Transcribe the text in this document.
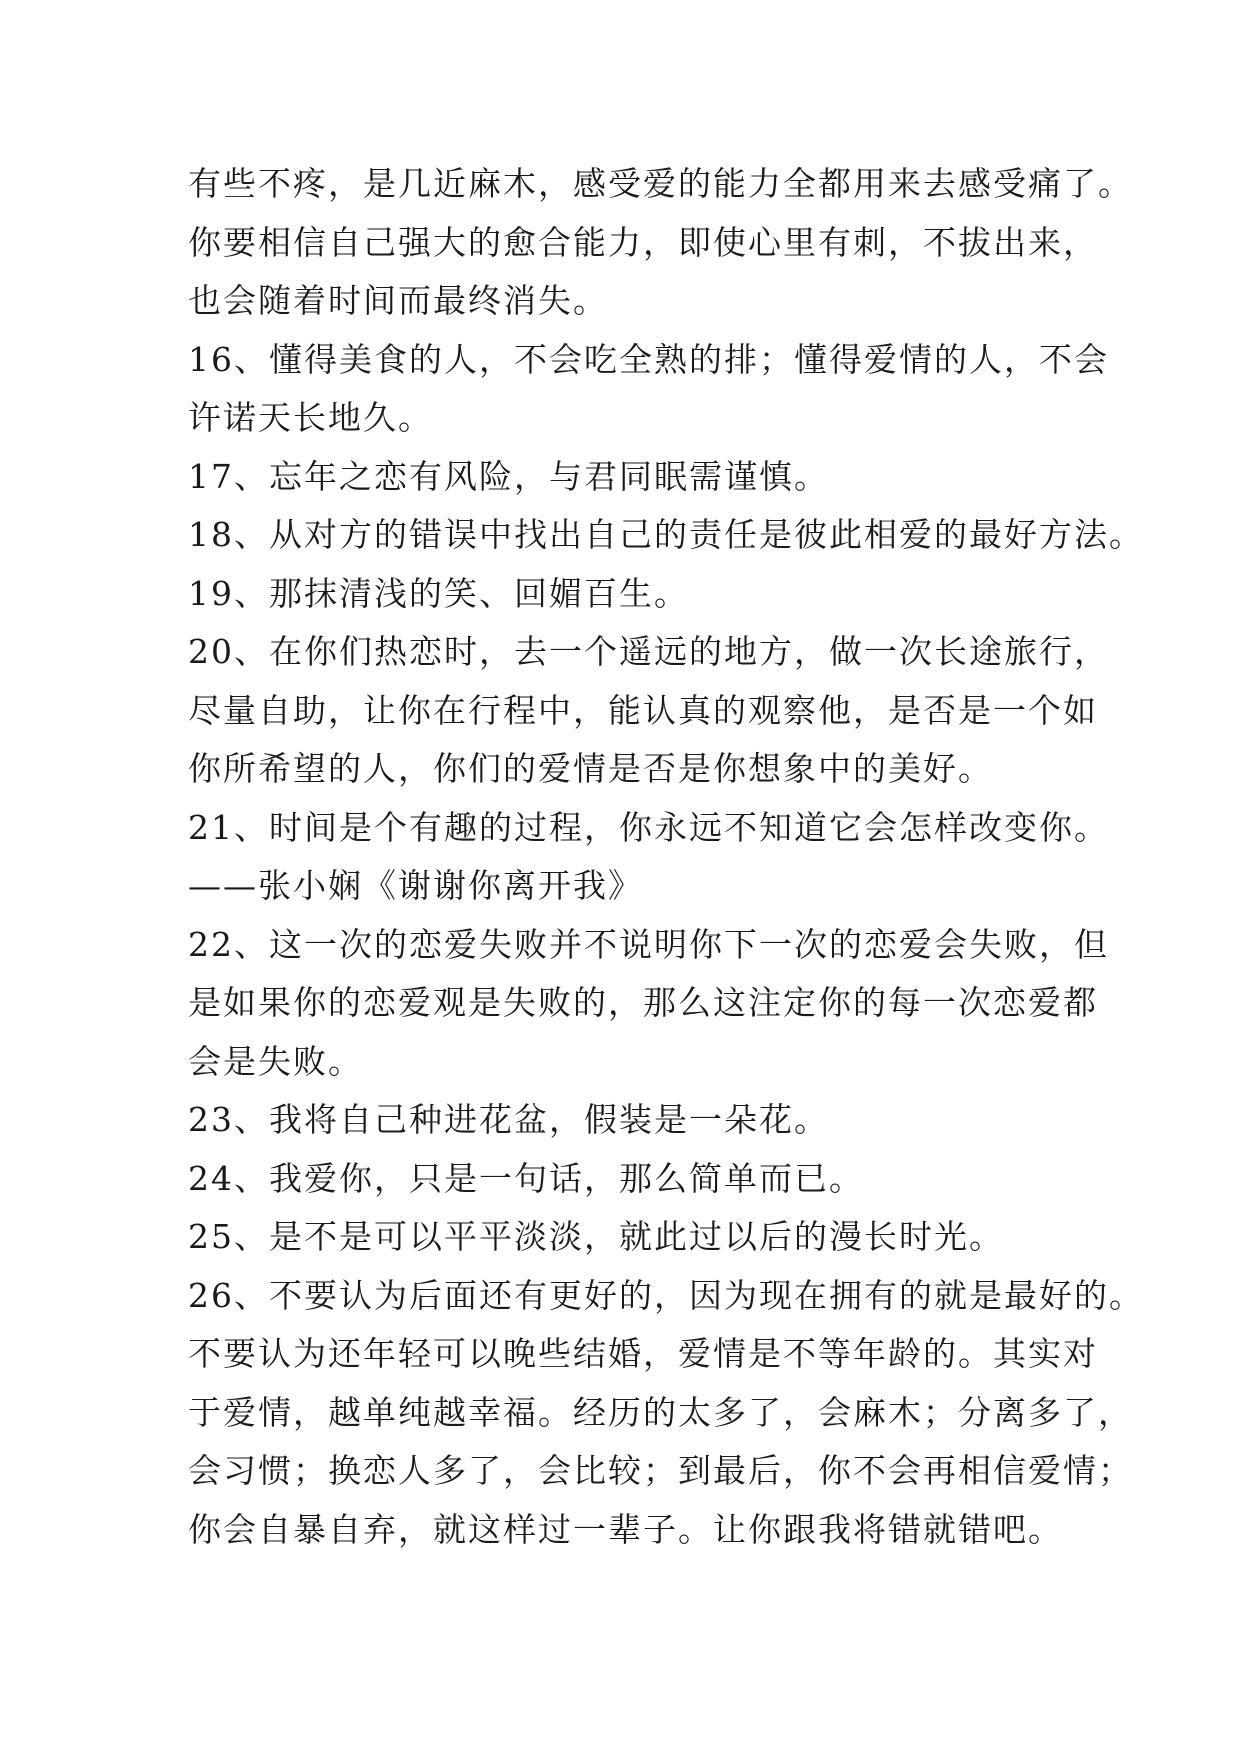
有些不疼，是几近麻木，感受爱的能力全都用来去感受痛了。
你要相信自己强大的愈合能力，即使心里有刺，不拔出来，
也会随着时间而最终消失。
16、懂得美食的人，不会吃全熟的排；懂得爱情的人，不会
许诺天长地久。
17、忘年之恋有风险，与君同眠需谨慎。
18、从对方的错误中找出自己的责任是彼此相爱的最好方法。
19、那抹清浅的笑、回媚百生。
20、在你们热恋时，去一个遥远的地方，做一次长途旅行，
尽量自助，让你在行程中，能认真的观察他，是否是一个如
你所希望的人，你们的爱情是否是你想象中的美好。
21、时间是个有趣的过程，你永远不知道它会怎样改变你。
——张小娴《谢谢你离开我》
22、这一次的恋爱失败并不说明你下一次的恋爱会失败，但
是如果你的恋爱观是失败的，那么这注定你的每一次恋爱都
会是失败。
23、我将自己种进花盆，假装是一朵花。
24、我爱你，只是一句话，那么简单而已。
25、是不是可以平平淡淡，就此过以后的漫长时光。
26、不要认为后面还有更好的，因为现在拥有的就是最好的。
不要认为还年轻可以晚些结婚，爱情是不等年龄的。其实对
于爱情，越单纯越幸福。经历的太多了，会麻木；分离多了，
会习惯；换恋人多了，会比较；到最后，你不会再相信爱情；
你会自暴自弃，就这样过一辈子。让你跟我将错就错吧。
